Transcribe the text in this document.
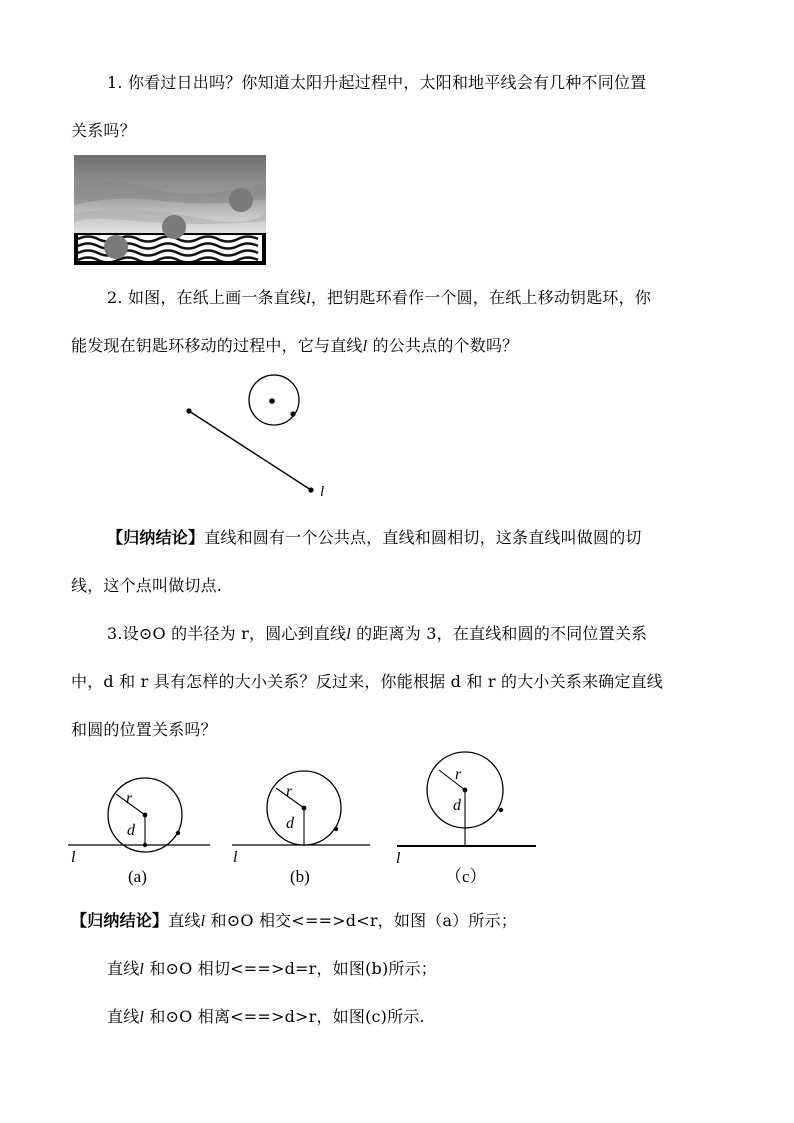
1. 你看过日出吗？你知道太阳升起过程中，太阳和地平线会有几种不同位置
关系吗？
2. 如图，在纸上画一条直线l，把钥匙环看作一个圆，在纸上移动钥匙环，你
能发现在钥匙环移动的过程中，它与直线l 的公共点的个数吗？
l
【归纳结论】直线和圆有一个公共点，直线和圆相切，这条直线叫做圆的切
线，这个点叫做切点.
3.设⊙O 的半径为 r，圆心到直线l 的距离为 3，在直线和圆的不同位置关系
中，d 和 r 具有怎样的大小关系？反过来，你能根据 d 和 r 的大小关系来确定直线
和圆的位置关系吗？
r
d
l
(a)
r
d
l
(b)
r
d
l
（c）
【归纳结论】直线l 和⊙O 相交<==>d<r，如图（a）所示；
直线l 和⊙O 相切<==>d=r，如图(b)所示；
直线l 和⊙O 相离<==>d>r，如图(c)所示.
